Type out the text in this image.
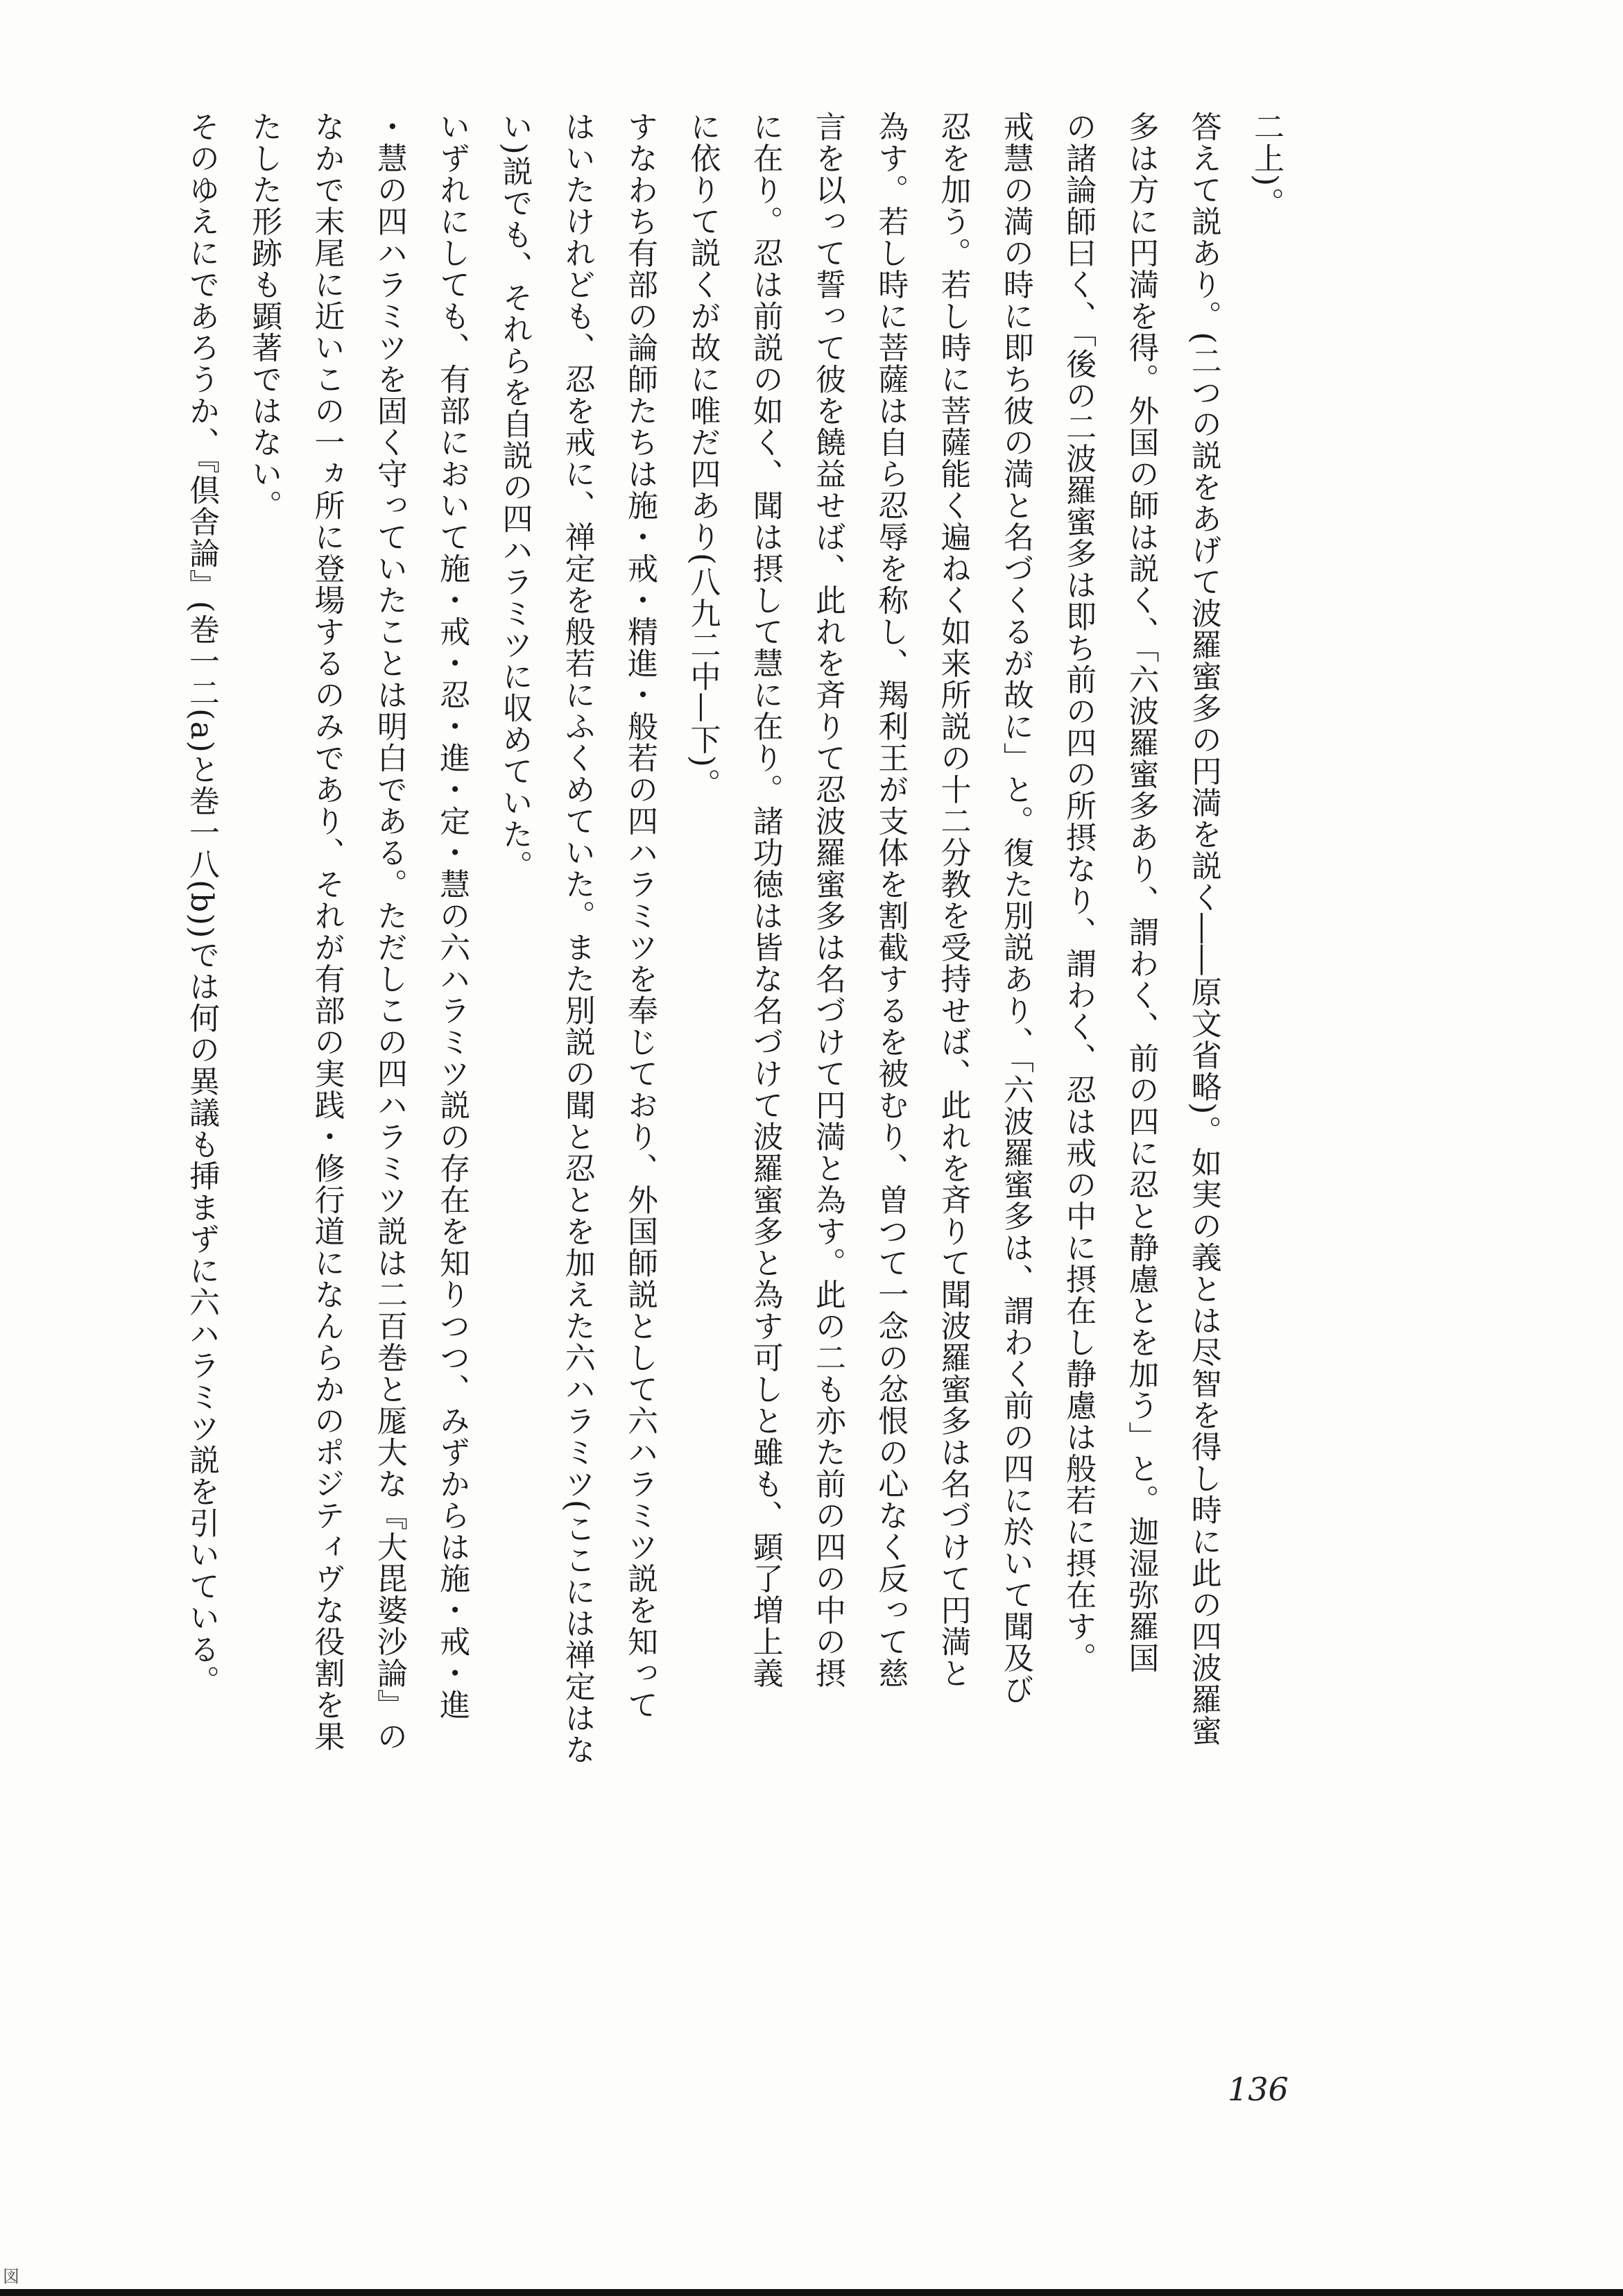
二上)。
答えて説あり。(二つの説をあげて波羅蜜多の円満を説く――原文省略)。如実の義とは尽智を得し時に此の四波羅蜜
多は方に円満を得。外国の師は説く、「六波羅蜜多あり、謂わく、前の四に忍と静慮とを加う」と。迦湿弥羅国
の諸論師曰く、「後の二波羅蜜多は即ち前の四の所摂なり、謂わく、忍は戒の中に摂在し静慮は般若に摂在す。
戒慧の満の時に即ち彼の満と名づくるが故に」と。復た別説あり、「六波羅蜜多は、謂わく前の四に於いて聞及び
忍を加う。若し時に菩薩能く遍ねく如来所説の十二分教を受持せば、此れを斉りて聞波羅蜜多は名づけて円満と
為す。若し時に菩薩は自ら忍辱を称し、羯利王が支体を割截するを被むり、曽つて一念の忿恨の心なく反って慈
言を以って誓って彼を饒益せば、此れを斉りて忍波羅蜜多は名づけて円満と為す。此の二も亦た前の四の中の摂
に在り。忍は前説の如く、聞は摂して慧に在り。諸功徳は皆な名づけて波羅蜜多と為す可しと雖も、顕了増上義
に依りて説くが故に唯だ四あり(八九二中—下)。
すなわち有部の論師たちは施・戒・精進・般若の四ハラミツを奉じており、外国師説として六ハラミツ説を知って
はいたけれども、忍を戒に、禅定を般若にふくめていた。また別説の聞と忍とを加えた六ハラミツ(ここには禅定はな
い)説でも、それらを自説の四ハラミツに収めていた。
いずれにしても、有部において施・戒・忍・進・定・慧の六ハラミツ説の存在を知りつつ、みずからは施・戒・進
・慧の四ハラミツを固く守っていたことは明白である。ただしこの四ハラミツ説は二百巻と厖大な『大毘婆沙論』の
なかで末尾に近いこの一ヵ所に登場するのみであり、それが有部の実践・修行道になんらかのポジティヴな役割を果
たした形跡も顕著ではない。
そのゆえにであろうか、『倶舎論』(巻一二(a)と巻一八(b))では何の異議も挿まずに六ハラミツ説を引いている。
136
図
